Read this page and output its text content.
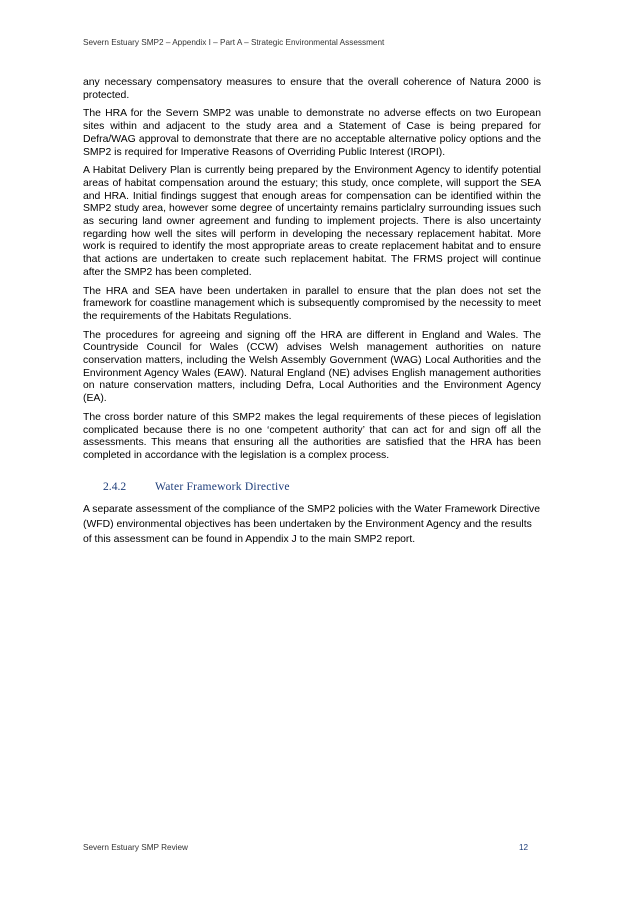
Severn Estuary SMP2 – Appendix I – Part A – Strategic Environmental Assessment

any necessary compensatory measures to ensure that the overall coherence of Natura 2000 is protected.

The HRA for the Severn SMP2 was unable to demonstrate no adverse effects on two European sites within and adjacent to the study area and a Statement of Case is being prepared for Defra/WAG approval to demonstrate that there are no acceptable alternative policy options and the SMP2 is required for Imperative Reasons of Overriding Public Interest (IROPI).

A Habitat Delivery Plan is currently being prepared by the Environment Agency to identify potential areas of habitat compensation around the estuary; this study, once complete, will support the SEA and HRA. Initial findings suggest that enough areas for compensation can be identified within the SMP2 study area, however some degree of uncertainty remains particlalry surrounding issues such as securing land owner agreement and funding to implement projects. There is also uncertainty regarding how well the sites will perform in developing the necessary replacement habitat. More work is required to identify the most appropriate areas to create replacement habitat and to ensure that actions are undertaken to create such replacement habitat. The FRMS project will continue after the SMP2 has been completed.

The HRA and SEA have been undertaken in parallel to ensure that the plan does not set the framework for coastline management which is subsequently compromised by the necessity to meet the requirements of the Habitats Regulations.

The procedures for agreeing and signing off the HRA are different in England and Wales. The Countryside Council for Wales (CCW) advises Welsh management authorities on nature conservation matters, including the Welsh Assembly Government (WAG) Local Authorities and the Environment Agency Wales (EAW). Natural England (NE) advises English management authorities on nature conservation matters, including Defra, Local Authorities and the Environment Agency (EA).

The cross border nature of this SMP2 makes the legal requirements of these pieces of legislation complicated because there is no one ‘competent authority’ that can act for and sign off all the assessments. This means that ensuring all the authorities are satisfied that the HRA has been completed in accordance with the legislation is a complex process.

2.4.2 Water Framework Directive

A separate assessment of the compliance of the SMP2 policies with the Water Framework Directive (WFD) environmental objectives has been undertaken by the Environment Agency and the results of this assessment can be found in Appendix J to the main SMP2 report.

Severn Estuary SMP Review	12
